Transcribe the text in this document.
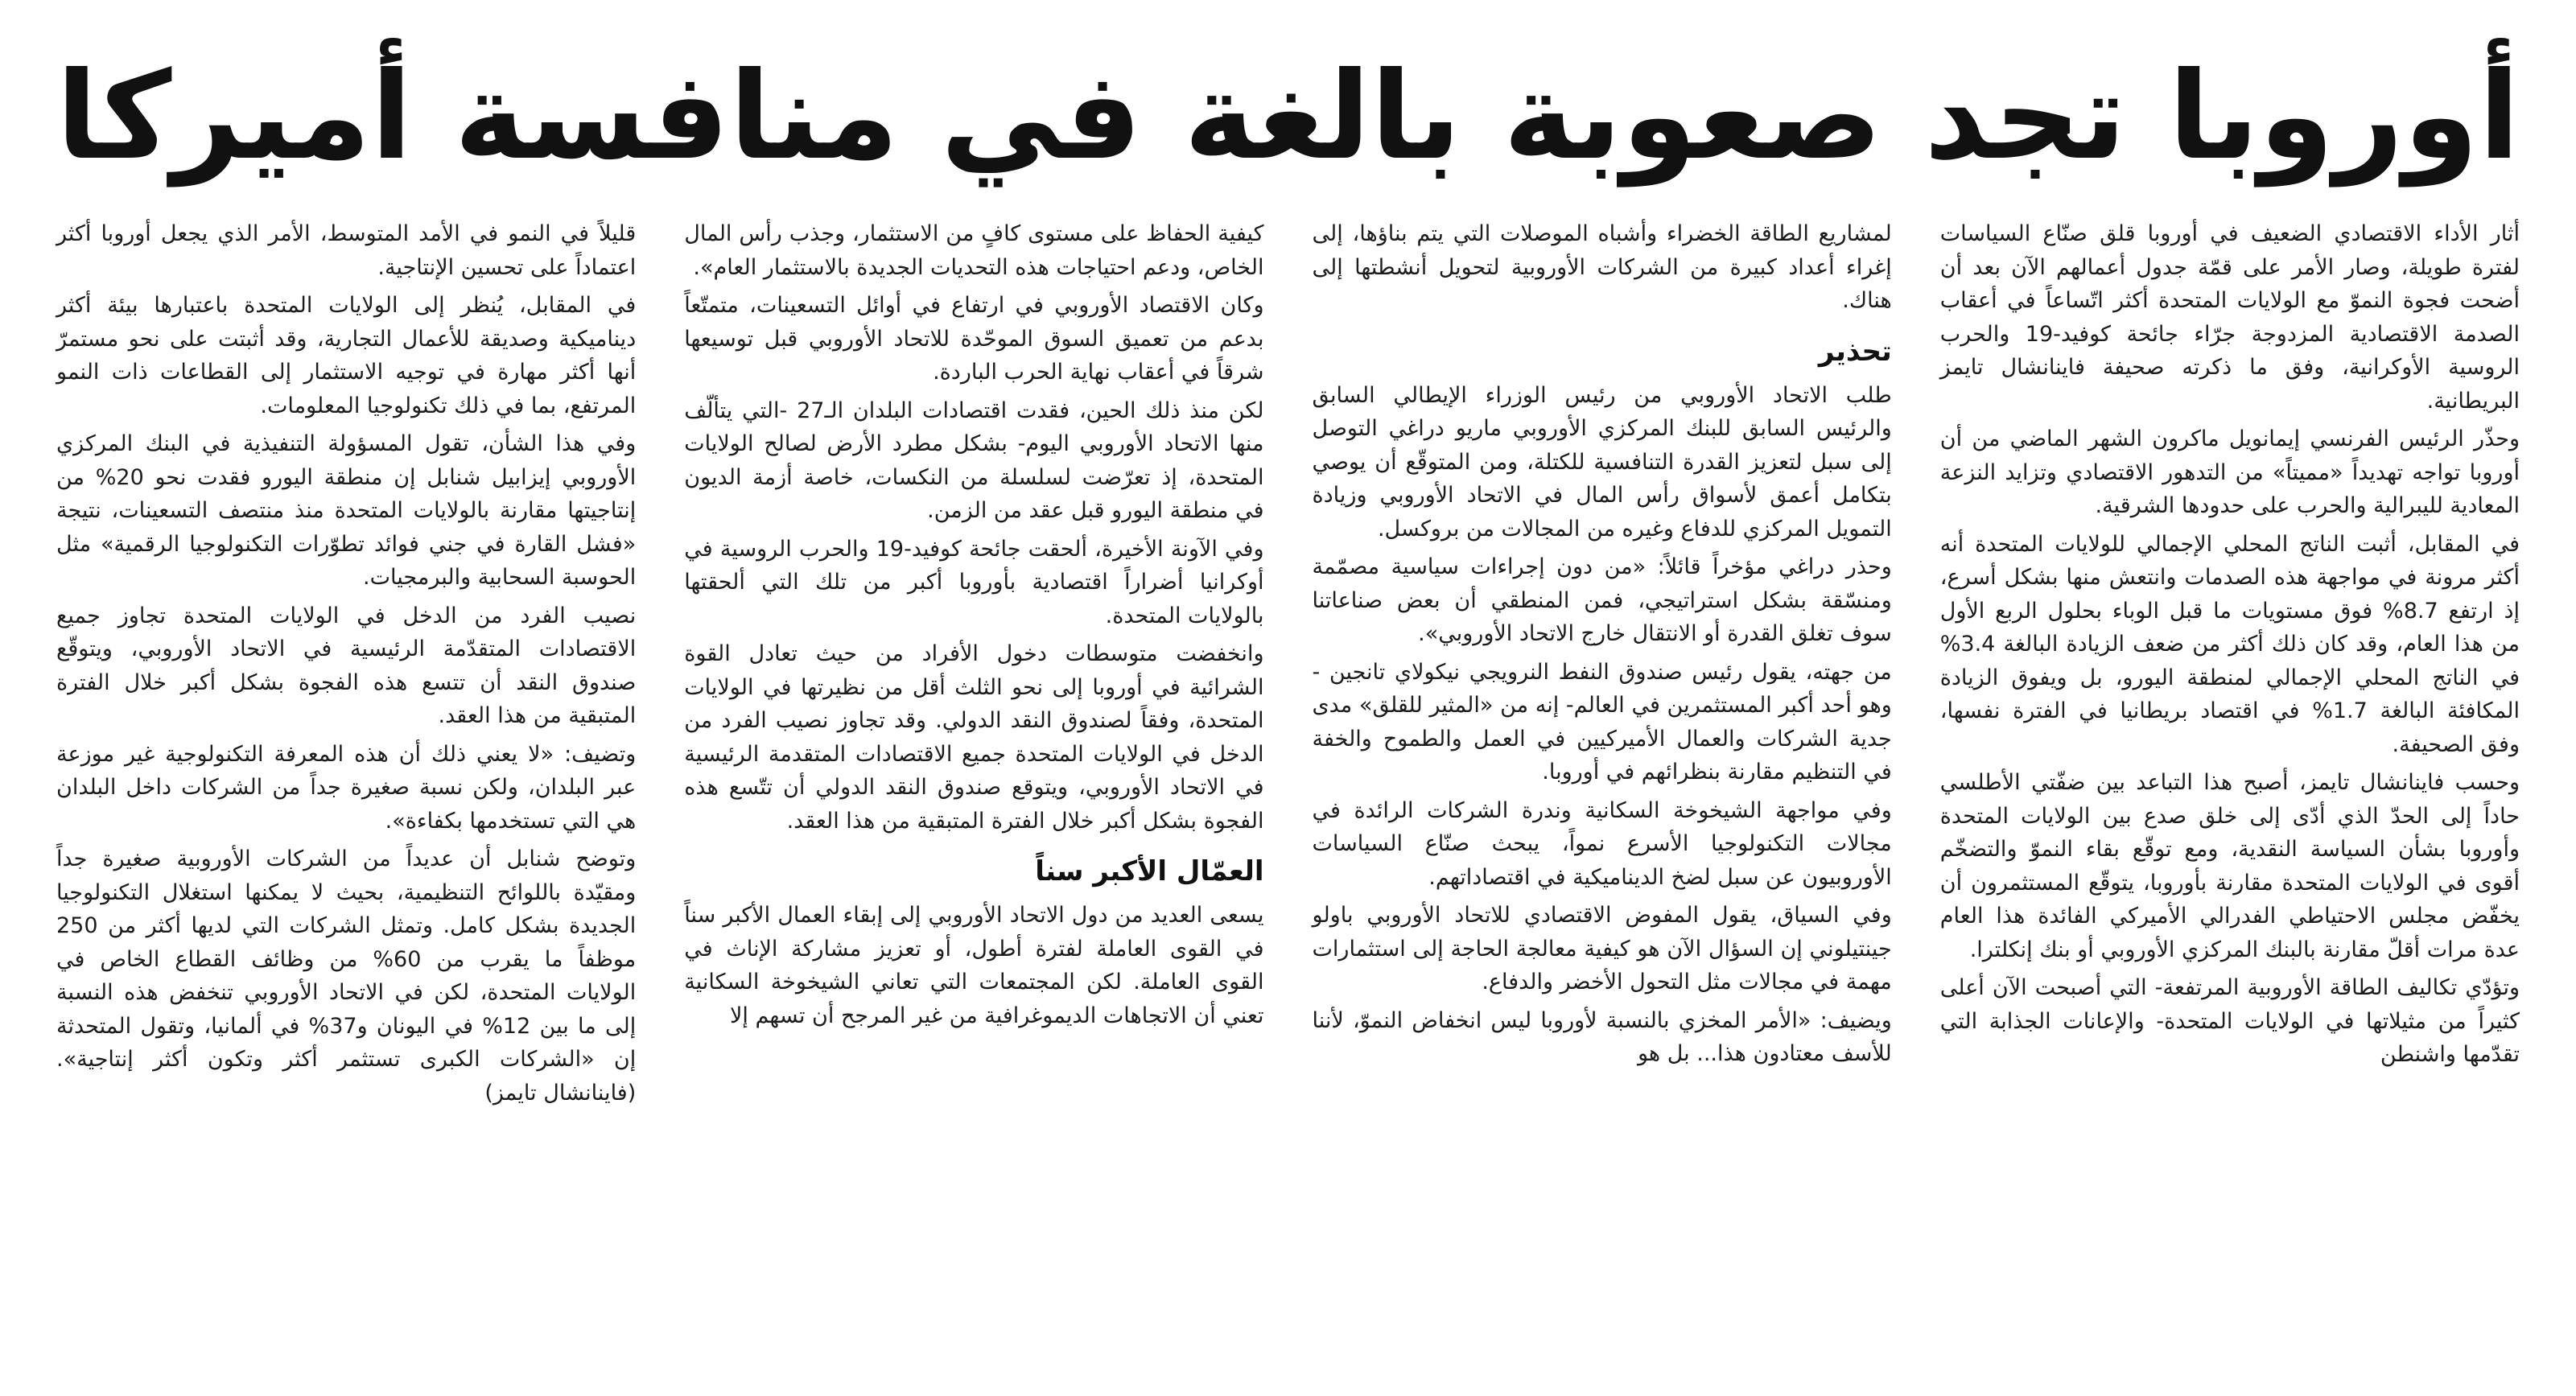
أوروبا تجد صعوبة بالغة في منافسة أميركا

أثار الأداء الاقتصادي الضعيف في أوروبا قلق صنّاع السياسات لفترة طويلة، وصار الأمر على قمّة جدول أعمالهم الآن بعد أن أضحت فجوة النموّ مع الولايات المتحدة أكثر اتّساعاً في أعقاب الصدمة الاقتصادية المزدوجة جرّاء جائحة كوفيد-19 والحرب الروسية الأوكرانية، وفق ما ذكرته صحيفة فاينانشال تايمز البريطانية.

وحذّر الرئيس الفرنسي إيمانويل ماكرون الشهر الماضي من أن أوروبا تواجه تهديداً «مميتاً» من التدهور الاقتصادي وتزايد النزعة المعادية لليبرالية والحرب على حدودها الشرقية.

في المقابل، أثبت الناتج المحلي الإجمالي للولايات المتحدة أنه أكثر مرونة في مواجهة هذه الصدمات وانتعش منها بشكل أسرع، إذ ارتفع 8.7% فوق مستويات ما قبل الوباء بحلول الربع الأول من هذا العام، وقد كان ذلك أكثر من ضعف الزيادة البالغة 3.4% في الناتج المحلي الإجمالي لمنطقة اليورو، بل ويفوق الزيادة المكافئة البالغة 1.7% في اقتصاد بريطانيا في الفترة نفسها، وفق الصحيفة.

وحسب فاينانشال تايمز، أصبح هذا التباعد بين ضفّتي الأطلسي حاداً إلى الحدّ الذي أدّى إلى خلق صدع بين الولايات المتحدة وأوروبا بشأن السياسة النقدية، ومع توقّع بقاء النموّ والتضخّم أقوى في الولايات المتحدة مقارنة بأوروبا، يتوقّع المستثمرون أن يخفّض مجلس الاحتياطي الفدرالي الأميركي الفائدة هذا العام عدة مرات أقلّ مقارنة بالبنك المركزي الأوروبي أو بنك إنكلترا.

وتؤدّي تكاليف الطاقة الأوروبية المرتفعة- التي أصبحت الآن أعلى كثيراً من مثيلاتها في الولايات المتحدة- والإعانات الجذابة التي تقدّمها واشنطن

لمشاريع الطاقة الخضراء وأشباه الموصلات التي يتم بناؤها، إلى إغراء أعداد كبيرة من الشركات الأوروبية لتحويل أنشطتها إلى هناك.

تحذير

طلب الاتحاد الأوروبي من رئيس الوزراء الإيطالي السابق والرئيس السابق للبنك المركزي الأوروبي ماريو دراغي التوصل إلى سبل لتعزيز القدرة التنافسية للكتلة، ومن المتوقّع أن يوصي بتكامل أعمق لأسواق رأس المال في الاتحاد الأوروبي وزيادة التمويل المركزي للدفاع وغيره من المجالات من بروكسل.

وحذر دراغي مؤخراً قائلاً: «من دون إجراءات سياسية مصمّمة ومنسّقة بشكل استراتيجي، فمن المنطقي أن بعض صناعاتنا سوف تغلق القدرة أو الانتقال خارج الاتحاد الأوروبي».

من جهته، يقول رئيس صندوق النفط النرويجي نيكولاي تانجين - وهو أحد أكبر المستثمرين في العالم- إنه من «المثير للقلق» مدى جدية الشركات والعمال الأميركيين في العمل والطموح والخفة في التنظيم مقارنة بنظرائهم في أوروبا.

وفي مواجهة الشيخوخة السكانية وندرة الشركات الرائدة في مجالات التكنولوجيا الأسرع نمواً، يبحث صنّاع السياسات الأوروبيون عن سبل لضخ الديناميكية في اقتصاداتهم.

وفي السياق، يقول المفوض الاقتصادي للاتحاد الأوروبي باولو جينتيلوني إن السؤال الآن هو كيفية معالجة الحاجة إلى استثمارات مهمة في مجالات مثل التحول الأخضر والدفاع.

ويضيف: «الأمر المخزي بالنسبة لأوروبا ليس انخفاض النموّ، لأننا للأسف معتادون هذا... بل هو

كيفية الحفاظ على مستوى كافٍ من الاستثمار، وجذب رأس المال الخاص، ودعم احتياجات هذه التحديات الجديدة بالاستثمار العام».

وكان الاقتصاد الأوروبي في ارتفاع في أوائل التسعينات، متمتّعاً بدعم من تعميق السوق الموحّدة للاتحاد الأوروبي قبل توسيعها شرقاً في أعقاب نهاية الحرب الباردة.

لكن منذ ذلك الحين، فقدت اقتصادات البلدان الـ27 -التي يتألّف منها الاتحاد الأوروبي اليوم- بشكل مطرد الأرض لصالح الولايات المتحدة، إذ تعرّضت لسلسلة من النكسات، خاصة أزمة الديون في منطقة اليورو قبل عقد من الزمن.

وفي الآونة الأخيرة، ألحقت جائحة كوفيد-19 والحرب الروسية في أوكرانيا أضراراً اقتصادية بأوروبا أكبر من تلك التي ألحقتها بالولايات المتحدة.

وانخفضت متوسطات دخول الأفراد من حيث تعادل القوة الشرائية في أوروبا إلى نحو الثلث أقل من نظيرتها في الولايات المتحدة، وفقاً لصندوق النقد الدولي. وقد تجاوز نصيب الفرد من الدخل في الولايات المتحدة جميع الاقتصادات المتقدمة الرئيسية في الاتحاد الأوروبي، ويتوقع صندوق النقد الدولي أن تتّسع هذه الفجوة بشكل أكبر خلال الفترة المتبقية من هذا العقد.

العمّال الأكبر سناً

يسعى العديد من دول الاتحاد الأوروبي إلى إبقاء العمال الأكبر سناً في القوى العاملة لفترة أطول، أو تعزيز مشاركة الإناث في القوى العاملة. لكن المجتمعات التي تعاني الشيخوخة السكانية تعني أن الاتجاهات الديموغرافية من غير المرجح أن تسهم إلا

قليلاً في النمو في الأمد المتوسط، الأمر الذي يجعل أوروبا أكثر اعتماداً على تحسين الإنتاجية.

في المقابل، يُنظر إلى الولايات المتحدة باعتبارها بيئة أكثر ديناميكية وصديقة للأعمال التجارية، وقد أثبتت على نحو مستمرّ أنها أكثر مهارة في توجيه الاستثمار إلى القطاعات ذات النمو المرتفع، بما في ذلك تكنولوجيا المعلومات.

وفي هذا الشأن، تقول المسؤولة التنفيذية في البنك المركزي الأوروبي إيزابيل شنابل إن منطقة اليورو فقدت نحو 20% من إنتاجيتها مقارنة بالولايات المتحدة منذ منتصف التسعينات، نتيجة «فشل القارة في جني فوائد تطوّرات التكنولوجيا الرقمية» مثل الحوسبة السحابية والبرمجيات.

نصيب الفرد من الدخل في الولايات المتحدة تجاوز جميع الاقتصادات المتقدّمة الرئيسية في الاتحاد الأوروبي، ويتوقّع صندوق النقد أن تتسع هذه الفجوة بشكل أكبر خلال الفترة المتبقية من هذا العقد.

وتضيف: «لا يعني ذلك أن هذه المعرفة التكنولوجية غير موزعة عبر البلدان، ولكن نسبة صغيرة جداً من الشركات داخل البلدان هي التي تستخدمها بكفاءة».

وتوضح شنابل أن عديداً من الشركات الأوروبية صغيرة جداً ومقيّدة باللوائح التنظيمية، بحيث لا يمكنها استغلال التكنولوجيا الجديدة بشكل كامل. وتمثل الشركات التي لديها أكثر من 250 موظفاً ما يقرب من 60% من وظائف القطاع الخاص في الولايات المتحدة، لكن في الاتحاد الأوروبي تنخفض هذه النسبة إلى ما بين 12% في اليونان و37% في ألمانيا، وتقول المتحدثة إن «الشركات الكبرى تستثمر أكثر وتكون أكثر إنتاجية». (فاينانشال تايمز)
